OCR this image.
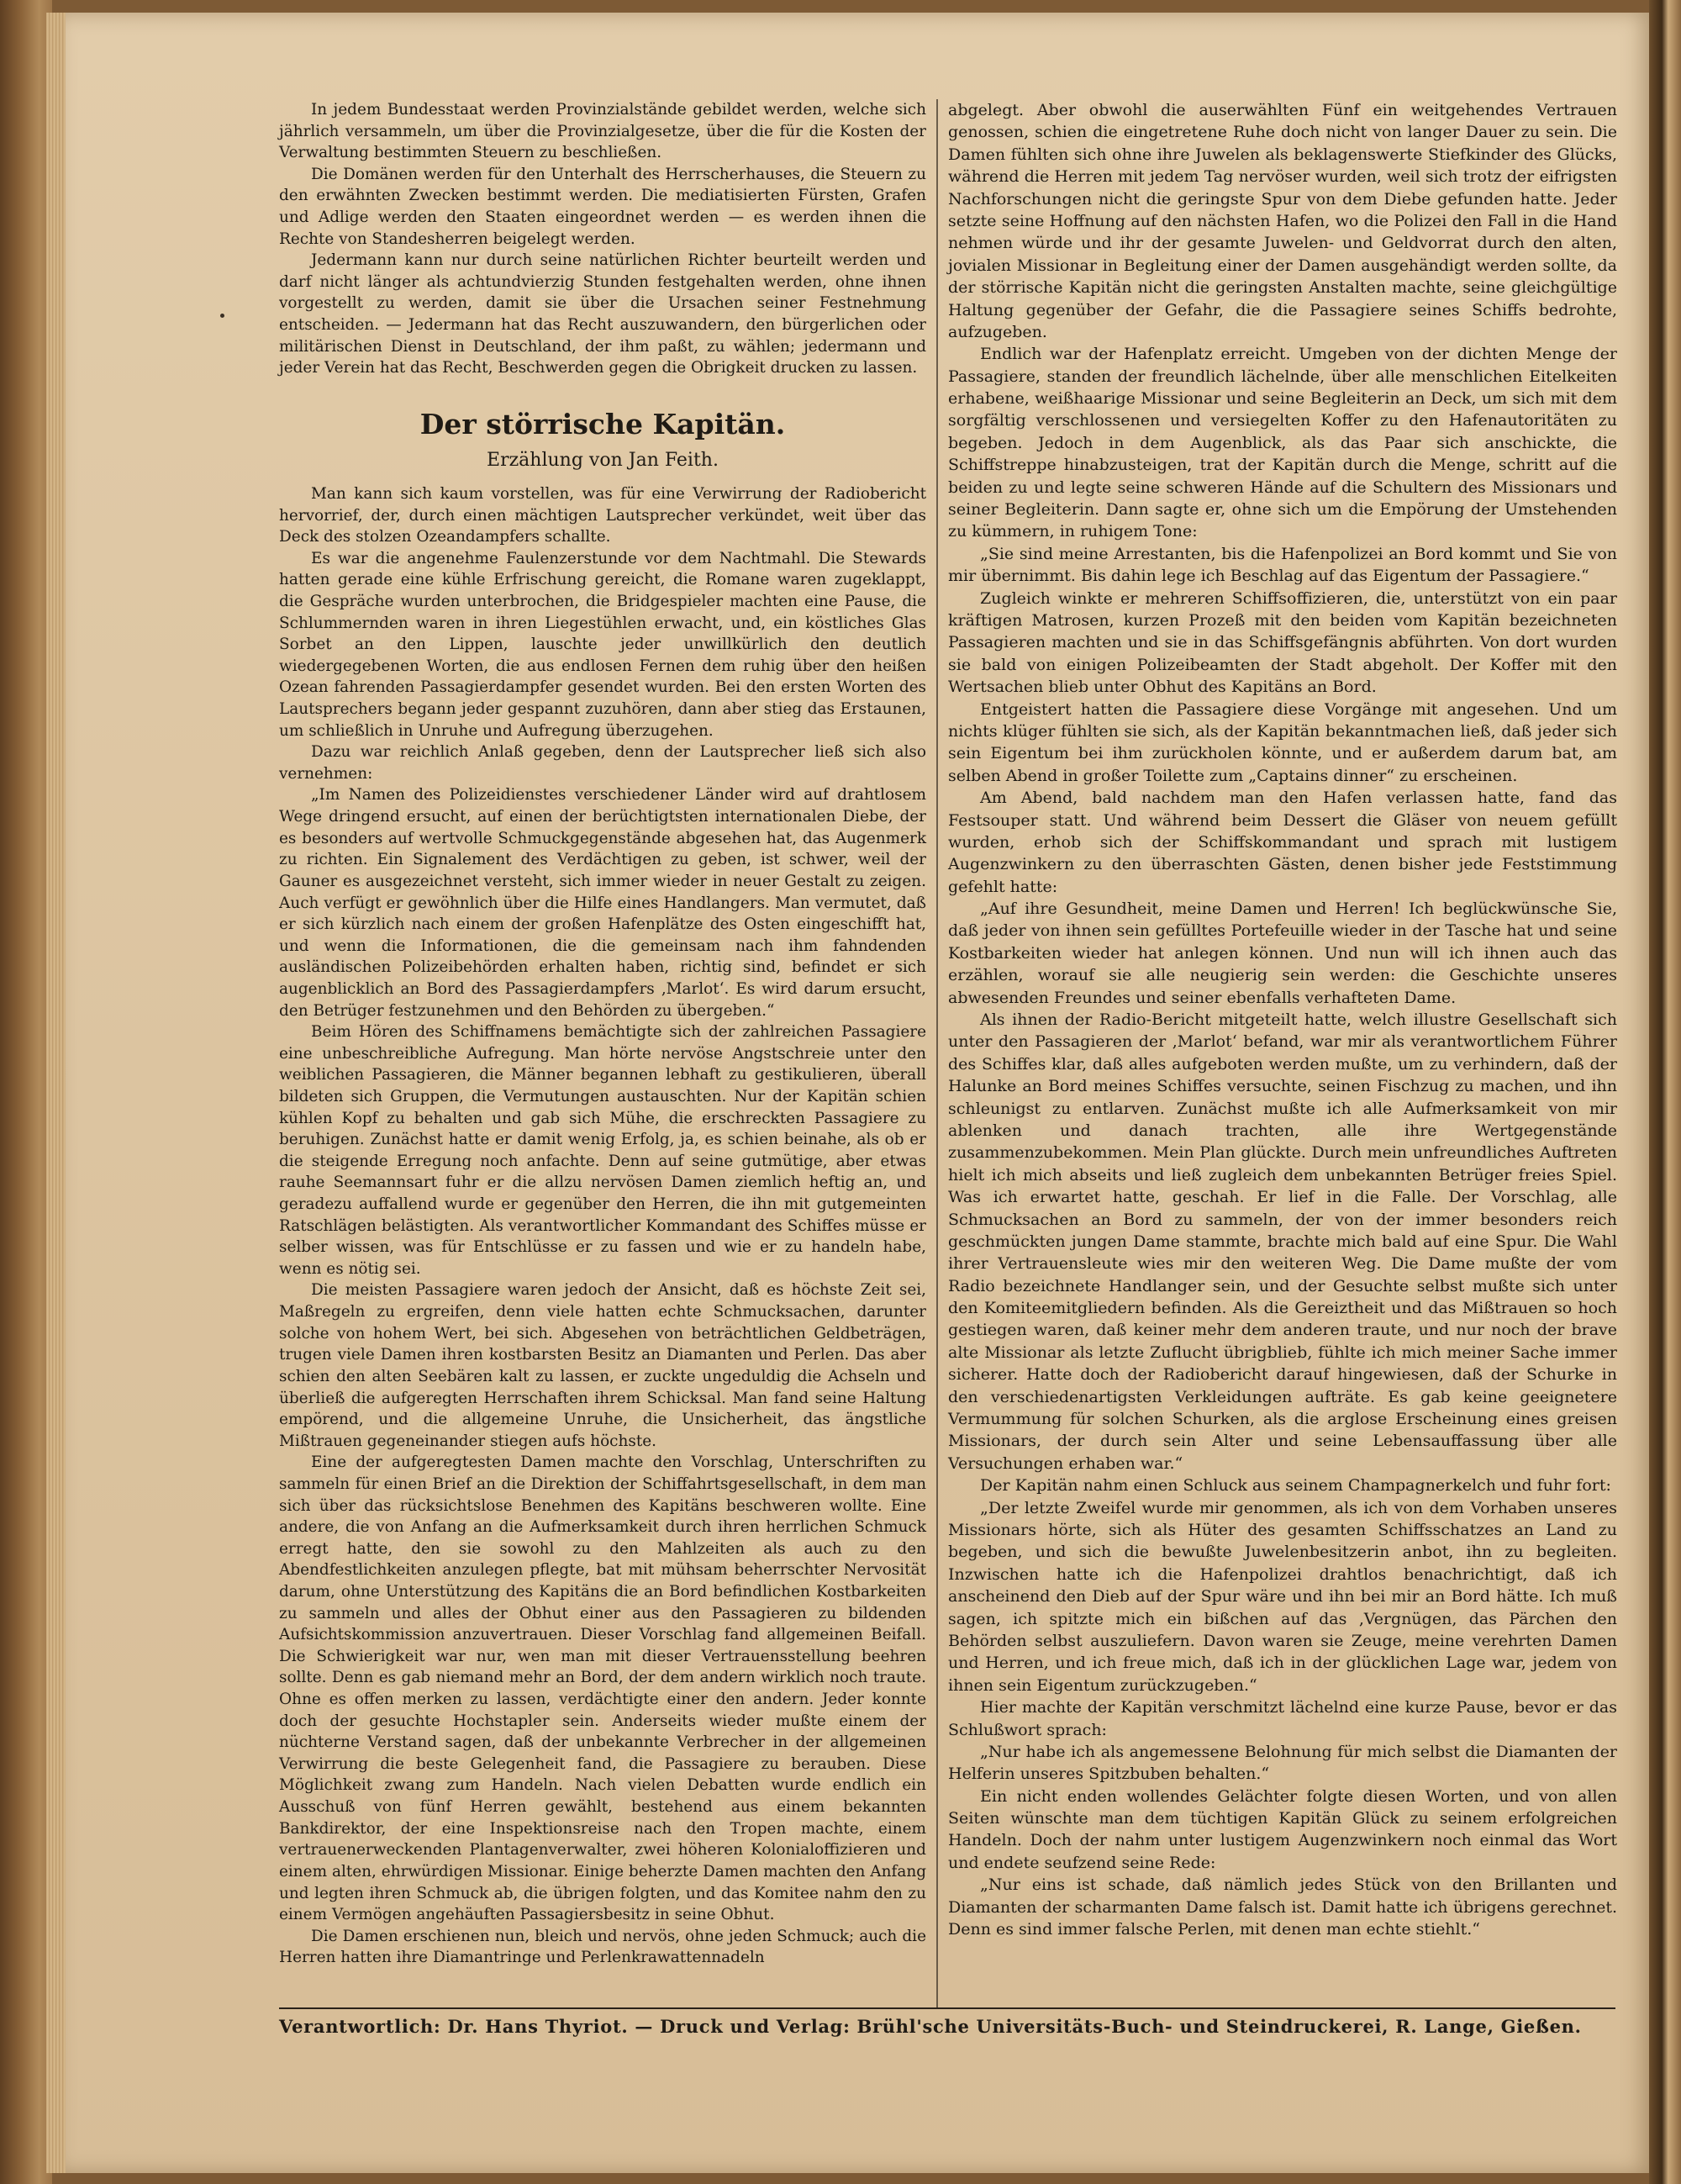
In jedem Bundesstaat werden Provinzialstände gebildet werden, welche sich jährlich versammeln, um über die Provinzialgesetze, über die für die Kosten der Verwaltung bestimmten Steuern zu beschließen.

Die Domänen werden für den Unterhalt des Herrscherhauses, die Steuern zu den erwähnten Zwecken bestimmt werden. Die mediatisierten Fürsten, Grafen und Adlige werden den Staaten eingeordnet werden — es werden ihnen die Rechte von Standesherren beigelegt werden.

Jedermann kann nur durch seine natürlichen Richter beurteilt werden und darf nicht länger als achtundvierzig Stunden festgehalten werden, ohne ihnen vorgestellt zu werden, damit sie über die Ursachen seiner Festnehmung entscheiden. — Jedermann hat das Recht auszuwandern, den bürgerlichen oder militärischen Dienst in Deutschland, der ihm paßt, zu wählen; jedermann und jeder Verein hat das Recht, Beschwerden gegen die Obrigkeit drucken zu lassen.

Der störrische Kapitän.
Erzählung von Jan Feith.

Man kann sich kaum vorstellen, was für eine Verwirrung der Radiobericht hervorrief, der, durch einen mächtigen Lautsprecher verkündet, weit über das Deck des stolzen Ozeandampfers schallte.

Es war die angenehme Faulenzerstunde vor dem Nachtmahl. Die Stewards hatten gerade eine kühle Erfrischung gereicht, die Romane waren zugeklappt, die Gespräche wurden unterbrochen, die Bridgespieler machten eine Pause, die Schlummernden waren in ihren Liegestühlen erwacht, und, ein köstliches Glas Sorbet an den Lippen, lauschte jeder unwillkürlich den deutlich wiedergegebenen Worten, die aus endlosen Fernen dem ruhig über den heißen Ozean fahrenden Passagierdampfer gesendet wurden. Bei den ersten Worten des Lautsprechers begann jeder gespannt zuzuhören, dann aber stieg das Erstaunen, um schließlich in Unruhe und Aufregung überzugehen.

Dazu war reichlich Anlaß gegeben, denn der Lautsprecher ließ sich also vernehmen:

„Im Namen des Polizeidienstes verschiedener Länder wird auf drahtlosem Wege dringend ersucht, auf einen der berüchtigtsten internationalen Diebe, der es besonders auf wertvolle Schmuckgegenstände abgesehen hat, das Augenmerk zu richten. Ein Signalement des Verdächtigen zu geben, ist schwer, weil der Gauner es ausgezeichnet versteht, sich immer wieder in neuer Gestalt zu zeigen. Auch verfügt er gewöhnlich über die Hilfe eines Handlangers. Man vermutet, daß er sich kürzlich nach einem der großen Hafenplätze des Osten eingeschifft hat, und wenn die Informationen, die die gemeinsam nach ihm fahndenden ausländischen Polizeibehörden erhalten haben, richtig sind, befindet er sich augenblicklich an Bord des Passagierdampfers ‚Marlot‘. Es wird darum ersucht, den Betrüger festzunehmen und den Behörden zu übergeben.“

Beim Hören des Schiffnamens bemächtigte sich der zahlreichen Passagiere eine unbeschreibliche Aufregung. Man hörte nervöse Angstschreie unter den weiblichen Passagieren, die Männer begannen lebhaft zu gestikulieren, überall bildeten sich Gruppen, die Vermutungen austauschten. Nur der Kapitän schien kühlen Kopf zu behalten und gab sich Mühe, die erschreckten Passagiere zu beruhigen. Zunächst hatte er damit wenig Erfolg, ja, es schien beinahe, als ob er die steigende Erregung noch anfachte. Denn auf seine gutmütige, aber etwas rauhe Seemannsart fuhr er die allzu nervösen Damen ziemlich heftig an, und geradezu auffallend wurde er gegenüber den Herren, die ihn mit gutgemeinten Ratschlägen belästigten. Als verantwortlicher Kommandant des Schiffes müsse er selber wissen, was für Entschlüsse er zu fassen und wie er zu handeln habe, wenn es nötig sei.

Die meisten Passagiere waren jedoch der Ansicht, daß es höchste Zeit sei, Maßregeln zu ergreifen, denn viele hatten echte Schmucksachen, darunter solche von hohem Wert, bei sich. Abgesehen von beträchtlichen Geldbeträgen, trugen viele Damen ihren kostbarsten Besitz an Diamanten und Perlen. Das aber schien den alten Seebären kalt zu lassen, er zuckte ungeduldig die Achseln und überließ die aufgeregten Herrschaften ihrem Schicksal. Man fand seine Haltung empörend, und die allgemeine Unruhe, die Unsicherheit, das ängstliche Mißtrauen gegeneinander stiegen aufs höchste.

Eine der aufgeregtesten Damen machte den Vorschlag, Unterschriften zu sammeln für einen Brief an die Direktion der Schiffahrtsgesellschaft, in dem man sich über das rücksichtslose Benehmen des Kapitäns beschweren wollte. Eine andere, die von Anfang an die Aufmerksamkeit durch ihren herrlichen Schmuck erregt hatte, den sie sowohl zu den Mahlzeiten als auch zu den Abendfestlichkeiten anzulegen pflegte, bat mit mühsam beherrschter Nervosität darum, ohne Unterstützung des Kapitäns die an Bord befindlichen Kostbarkeiten zu sammeln und alles der Obhut einer aus den Passagieren zu bildenden Aufsichtskommission anzuvertrauen. Dieser Vorschlag fand allgemeinen Beifall. Die Schwierigkeit war nur, wen man mit dieser Vertrauensstellung beehren sollte. Denn es gab niemand mehr an Bord, der dem andern wirklich noch traute. Ohne es offen merken zu lassen, verdächtigte einer den andern. Jeder konnte doch der gesuchte Hochstapler sein. Anderseits wieder mußte einem der nüchterne Verstand sagen, daß der unbekannte Verbrecher in der allgemeinen Verwirrung die beste Gelegenheit fand, die Passagiere zu berauben. Diese Möglichkeit zwang zum Handeln. Nach vielen Debatten wurde endlich ein Ausschuß von fünf Herren gewählt, bestehend aus einem bekannten Bankdirektor, der eine Inspektionsreise nach den Tropen machte, einem vertrauenerweckenden Plantagenverwalter, zwei höheren Kolonialoffizieren und einem alten, ehrwürdigen Missionar. Einige beherzte Damen machten den Anfang und legten ihren Schmuck ab, die übrigen folgten, und das Komitee nahm den zu einem Vermögen angehäuften Passagiersbesitz in seine Obhut.

Die Damen erschienen nun, bleich und nervös, ohne jeden Schmuck; auch die Herren hatten ihre Diamantringe und Perlenkrawattennadeln

abgelegt. Aber obwohl die auserwählten Fünf ein weitgehendes Vertrauen genossen, schien die eingetretene Ruhe doch nicht von langer Dauer zu sein. Die Damen fühlten sich ohne ihre Juwelen als beklagenswerte Stiefkinder des Glücks, während die Herren mit jedem Tag nervöser wurden, weil sich trotz der eifrigsten Nachforschungen nicht die geringste Spur von dem Diebe gefunden hatte. Jeder setzte seine Hoffnung auf den nächsten Hafen, wo die Polizei den Fall in die Hand nehmen würde und ihr der gesamte Juwelen- und Geldvorrat durch den alten, jovialen Missionar in Begleitung einer der Damen ausgehändigt werden sollte, da der störrische Kapitän nicht die geringsten Anstalten machte, seine gleichgültige Haltung gegenüber der Gefahr, die die Passagiere seines Schiffs bedrohte, aufzugeben.

Endlich war der Hafenplatz erreicht. Umgeben von der dichten Menge der Passagiere, standen der freundlich lächelnde, über alle menschlichen Eitelkeiten erhabene, weißhaarige Missionar und seine Begleiterin an Deck, um sich mit dem sorgfältig verschlossenen und versiegelten Koffer zu den Hafenautoritäten zu begeben. Jedoch in dem Augenblick, als das Paar sich anschickte, die Schiffstreppe hinabzusteigen, trat der Kapitän durch die Menge, schritt auf die beiden zu und legte seine schweren Hände auf die Schultern des Missionars und seiner Begleiterin. Dann sagte er, ohne sich um die Empörung der Umstehenden zu kümmern, in ruhigem Tone:

„Sie sind meine Arrestanten, bis die Hafenpolizei an Bord kommt und Sie von mir übernimmt. Bis dahin lege ich Beschlag auf das Eigentum der Passagiere.“

Zugleich winkte er mehreren Schiffsoffizieren, die, unterstützt von ein paar kräftigen Matrosen, kurzen Prozeß mit den beiden vom Kapitän bezeichneten Passagieren machten und sie in das Schiffsgefängnis abführten. Von dort wurden sie bald von einigen Polizeibeamten der Stadt abgeholt. Der Koffer mit den Wertsachen blieb unter Obhut des Kapitäns an Bord.

Entgeistert hatten die Passagiere diese Vorgänge mit angesehen. Und um nichts klüger fühlten sie sich, als der Kapitän bekanntmachen ließ, daß jeder sich sein Eigentum bei ihm zurückholen könnte, und er außerdem darum bat, am selben Abend in großer Toilette zum „Captains dinner“ zu erscheinen.

Am Abend, bald nachdem man den Hafen verlassen hatte, fand das Festsouper statt. Und während beim Dessert die Gläser von neuem gefüllt wurden, erhob sich der Schiffskommandant und sprach mit lustigem Augenzwinkern zu den überraschten Gästen, denen bisher jede Feststimmung gefehlt hatte:

„Auf ihre Gesundheit, meine Damen und Herren! Ich beglückwünsche Sie, daß jeder von ihnen sein gefülltes Portefeuille wieder in der Tasche hat und seine Kostbarkeiten wieder hat anlegen können. Und nun will ich ihnen auch das erzählen, worauf sie alle neugierig sein werden: die Geschichte unseres abwesenden Freundes und seiner ebenfalls verhafteten Dame.

Als ihnen der Radio-Bericht mitgeteilt hatte, welch illustre Gesellschaft sich unter den Passagieren der ‚Marlot‘ befand, war mir als verantwortlichem Führer des Schiffes klar, daß alles aufgeboten werden mußte, um zu verhindern, daß der Halunke an Bord meines Schiffes versuchte, seinen Fischzug zu machen, und ihn schleunigst zu entlarven. Zunächst mußte ich alle Aufmerksamkeit von mir ablenken und danach trachten, alle ihre Wertgegenstände zusammenzubekommen. Mein Plan glückte. Durch mein unfreundliches Auftreten hielt ich mich abseits und ließ zugleich dem unbekannten Betrüger freies Spiel. Was ich erwartet hatte, geschah. Er lief in die Falle. Der Vorschlag, alle Schmucksachen an Bord zu sammeln, der von der immer besonders reich geschmückten jungen Dame stammte, brachte mich bald auf eine Spur. Die Wahl ihrer Vertrauensleute wies mir den weiteren Weg. Die Dame mußte der vom Radio bezeichnete Handlanger sein, und der Gesuchte selbst mußte sich unter den Komiteemitgliedern befinden. Als die Gereiztheit und das Mißtrauen so hoch gestiegen waren, daß keiner mehr dem anderen traute, und nur noch der brave alte Missionar als letzte Zuflucht übrigblieb, fühlte ich mich meiner Sache immer sicherer. Hatte doch der Radiobericht darauf hingewiesen, daß der Schurke in den verschiedenartigsten Verkleidungen aufträte. Es gab keine geeignetere Vermummung für solchen Schurken, als die arglose Erscheinung eines greisen Missionars, der durch sein Alter und seine Lebensauffassung über alle Versuchungen erhaben war.“

Der Kapitän nahm einen Schluck aus seinem Champagnerkelch und fuhr fort:

„Der letzte Zweifel wurde mir genommen, als ich von dem Vorhaben unseres Missionars hörte, sich als Hüter des gesamten Schiffsschatzes an Land zu begeben, und sich die bewußte Juwelenbesitzerin anbot, ihn zu begleiten. Inzwischen hatte ich die Hafenpolizei drahtlos benachrichtigt, daß ich anscheinend den Dieb auf der Spur wäre und ihn bei mir an Bord hätte. Ich muß sagen, ich spitzte mich ein bißchen auf das ‚Vergnügen, das Pärchen den Behörden selbst auszuliefern. Davon waren sie Zeuge, meine verehrten Damen und Herren, und ich freue mich, daß ich in der glücklichen Lage war, jedem von ihnen sein Eigentum zurückzugeben.“

Hier machte der Kapitän verschmitzt lächelnd eine kurze Pause, bevor er das Schlußwort sprach:

„Nur habe ich als angemessene Belohnung für mich selbst die Diamanten der Helferin unseres Spitzbuben behalten.“

Ein nicht enden wollendes Gelächter folgte diesen Worten, und von allen Seiten wünschte man dem tüchtigen Kapitän Glück zu seinem erfolgreichen Handeln. Doch der nahm unter lustigem Augenzwinkern noch einmal das Wort und endete seufzend seine Rede:

„Nur eins ist schade, daß nämlich jedes Stück von den Brillanten und Diamanten der scharmanten Dame falsch ist. Damit hatte ich übrigens gerechnet. Denn es sind immer falsche Perlen, mit denen man echte stiehlt.“

Verantwortlich: Dr. Hans Thyriot. — Druck und Verlag: Brühl'sche Universitäts-Buch- und Steindruckerei, R. Lange, Gießen.
